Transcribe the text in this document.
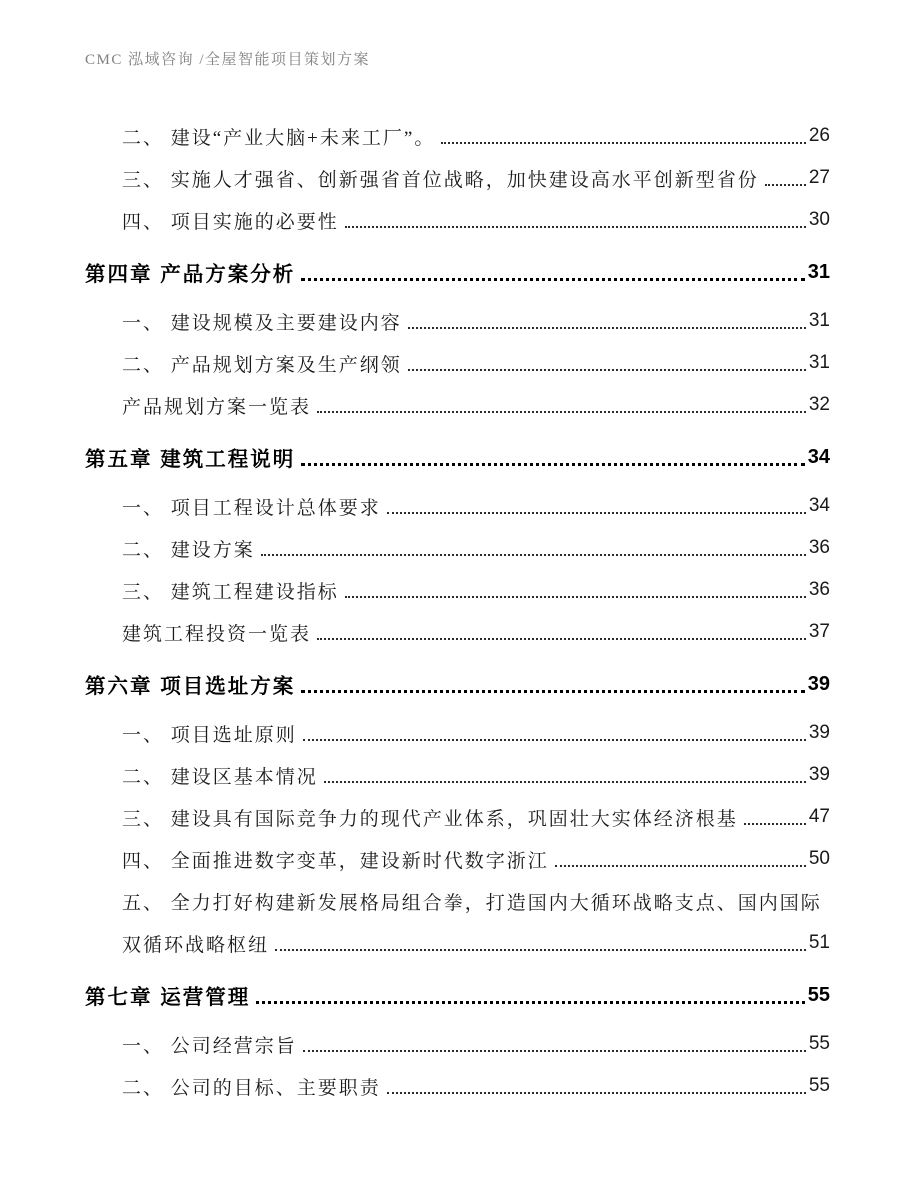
CMC 泓域咨询 /全屋智能项目策划方案
二、 建设“产业大脑+未来工厂”。	26
三、 实施人才强省、创新强省首位战略，加快建设高水平创新型省份	27
四、 项目实施的必要性	30
第四章 产品方案分析	31
一、 建设规模及主要建设内容	31
二、 产品规划方案及生产纲领	31
产品规划方案一览表	32
第五章 建筑工程说明	34
一、 项目工程设计总体要求	34
二、 建设方案	36
三、 建筑工程建设指标	36
建筑工程投资一览表	37
第六章 项目选址方案	39
一、 项目选址原则	39
二、 建设区基本情况	39
三、 建设具有国际竞争力的现代产业体系，巩固壮大实体经济根基	47
四、 全面推进数字变革，建设新时代数字浙江	50
五、 全力打好构建新发展格局组合拳，打造国内大循环战略支点、国内国际
双循环战略枢纽	51
第七章 运营管理	55
一、 公司经营宗旨	55
二、 公司的目标、主要职责	55
